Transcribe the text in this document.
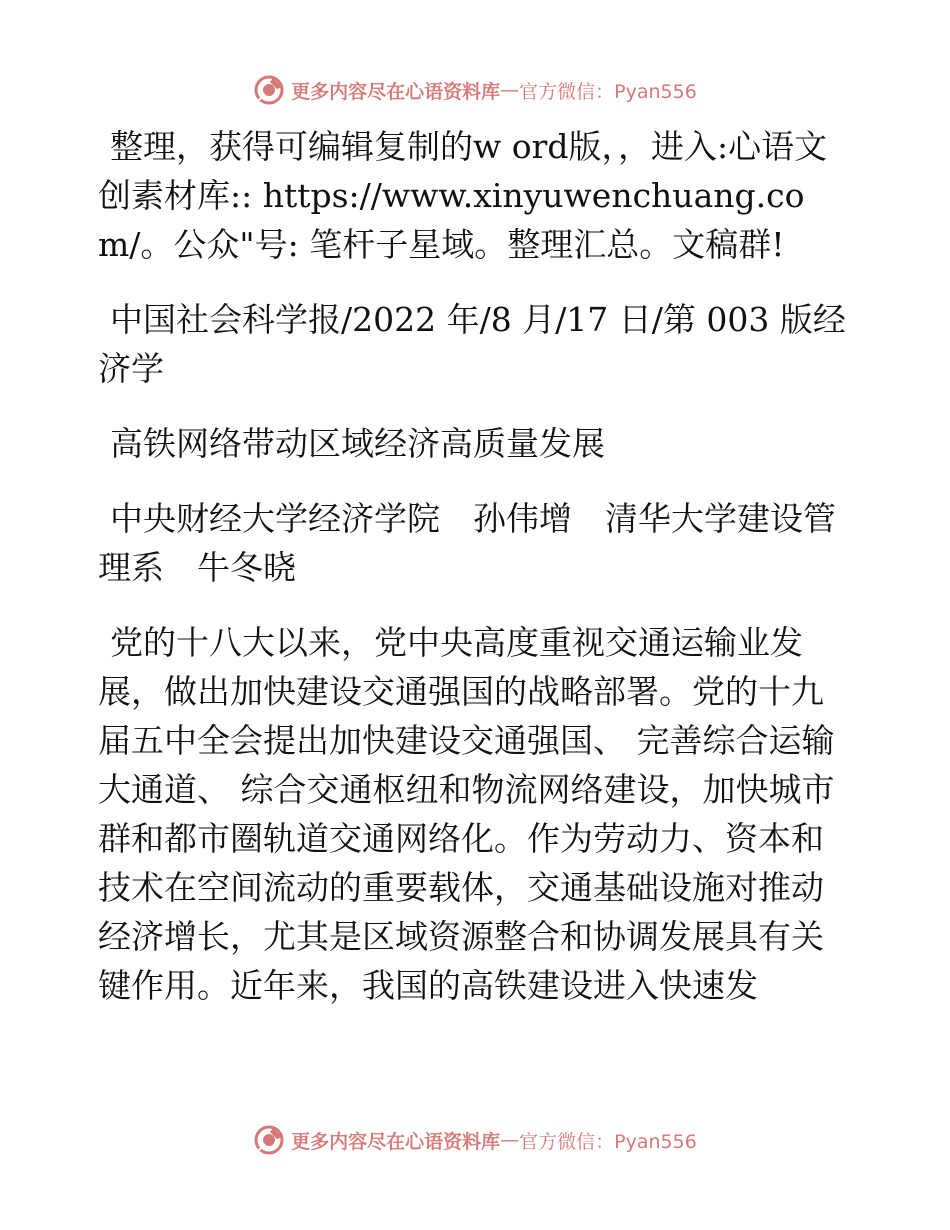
更多内容尽在心语资料库 — 官方微信：Pyan556

整理，获得可编辑复制的w ord版，，进入:心语文创素材库:: https://www.xinyuwenchuang.com/。公众"号: 笔杆子星域。整理汇总。文稿群!

中国社会科学报/2022 年/8 月/17 日/第 003 版经济学

高铁网络带动区域经济高质量发展

中央财经大学经济学院　孙伟增　清华大学建设管理系　牛冬晓

党的十八大以来，党中央高度重视交通运输业发展，做出加快建设交通强国的战略部署。党的十九届五中全会提出加快建设交通强国、 完善综合运输大通道、 综合交通枢纽和物流网络建设，加快城市群和都市圈轨道交通网络化。作为劳动力、资本和技术在空间流动的重要载体，交通基础设施对推动经济增长，尤其是区域资源整合和协调发展具有关键作用。近年来，我国的高铁建设进入快速发

更多内容尽在心语资料库 — 官方微信：Pyan556
